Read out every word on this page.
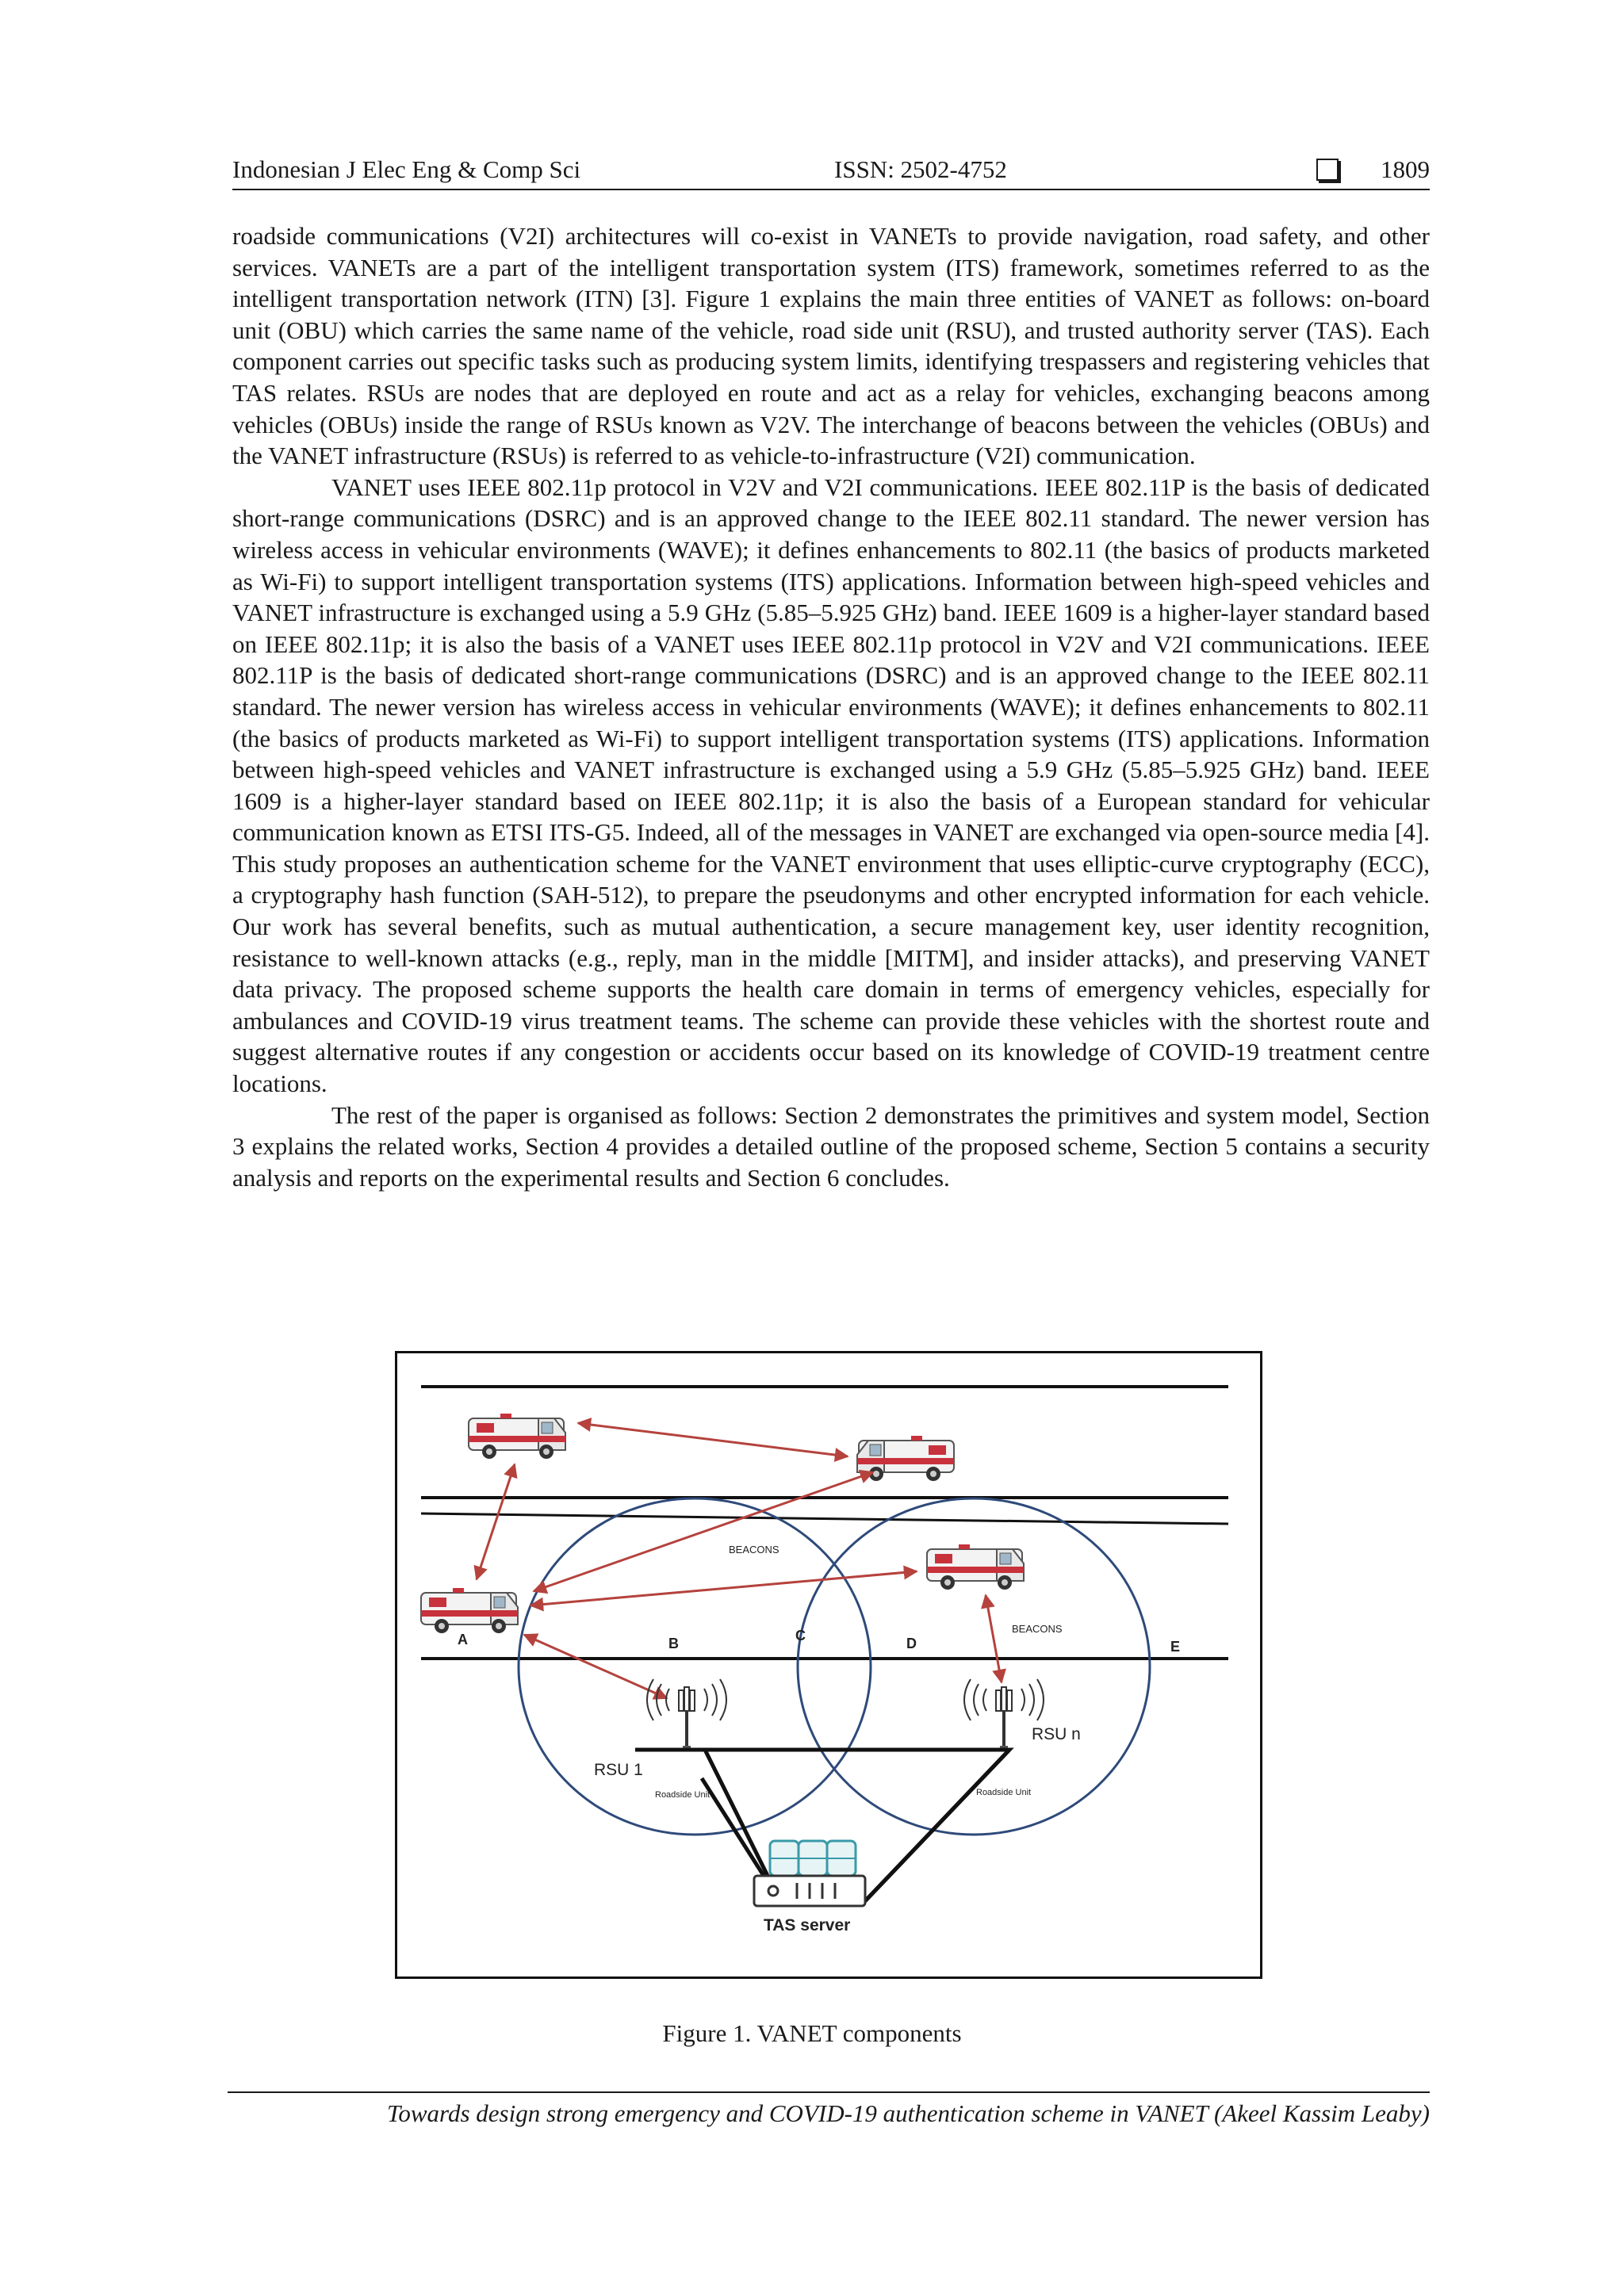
Indonesian J Elec Eng & Comp Sci	ISSN: 2502-4752	1809

roadside communications (V2I) architectures will co-exist in VANETs to provide navigation, road safety, and other services. VANETs are a part of the intelligent transportation system (ITS) framework, sometimes referred to as the intelligent transportation network (ITN) [3]. Figure 1 explains the main three entities of VANET as follows: on-board unit (OBU) which carries the same name of the vehicle, road side unit (RSU), and trusted authority server (TAS). Each component carries out specific tasks such as producing system limits, identifying trespassers and registering vehicles that TAS relates. RSUs are nodes that are deployed en route and act as a relay for vehicles, exchanging beacons among vehicles (OBUs) inside the range of RSUs known as V2V. The interchange of beacons between the vehicles (OBUs) and the VANET infrastructure (RSUs) is referred to as vehicle-to-infrastructure (V2I) communication.

VANET uses IEEE 802.11p protocol in V2V and V2I communications. IEEE 802.11P is the basis of dedicated short-range communications (DSRC) and is an approved change to the IEEE 802.11 standard. The newer version has wireless access in vehicular environments (WAVE); it defines enhancements to 802.11 (the basics of products marketed as Wi-Fi) to support intelligent transportation systems (ITS) applications. Information between high-speed vehicles and VANET infrastructure is exchanged using a 5.9 GHz (5.85–5.925 GHz) band. IEEE 1609 is a higher-layer standard based on IEEE 802.11p; it is also the basis of a VANET uses IEEE 802.11p protocol in V2V and V2I communications. IEEE 802.11P is the basis of dedicated short-range communications (DSRC) and is an approved change to the IEEE 802.11 standard. The newer version has wireless access in vehicular environments (WAVE); it defines enhancements to 802.11 (the basics of products marketed as Wi-Fi) to support intelligent transportation systems (ITS) applications. Information between high-speed vehicles and VANET infrastructure is exchanged using a 5.9 GHz (5.85–5.925 GHz) band. IEEE 1609 is a higher-layer standard based on IEEE 802.11p; it is also the basis of a European standard for vehicular communication known as ETSI ITS-G5. Indeed, all of the messages in VANET are exchanged via open-source media [4]. This study proposes an authentication scheme for the VANET environment that uses elliptic-curve cryptography (ECC), a cryptography hash function (SAH-512), to prepare the pseudonyms and other encrypted information for each vehicle. Our work has several benefits, such as mutual authentication, a secure management key, user identity recognition, resistance to well-known attacks (e.g., reply, man in the middle [MITM], and insider attacks), and preserving VANET data privacy. The proposed scheme supports the health care domain in terms of emergency vehicles, especially for ambulances and COVID-19 virus treatment teams. The scheme can provide these vehicles with the shortest route and suggest alternative routes if any congestion or accidents occur based on its knowledge of COVID-19 treatment centre locations.

The rest of the paper is organised as follows: Section 2 demonstrates the primitives and system model, Section 3 explains the related works, Section 4 provides a detailed outline of the proposed scheme, Section 5 contains a security analysis and reports on the experimental results and Section 6 concludes.

BEACONS
BEACONS
A	B	C	D	E
RSU 1
RSU n
Roadside Unit	Roadside Unit
TAS server
Figure 1. VANET components
Towards design strong emergency and COVID-19 authentication scheme in VANET (Akeel Kassim Leaby)
